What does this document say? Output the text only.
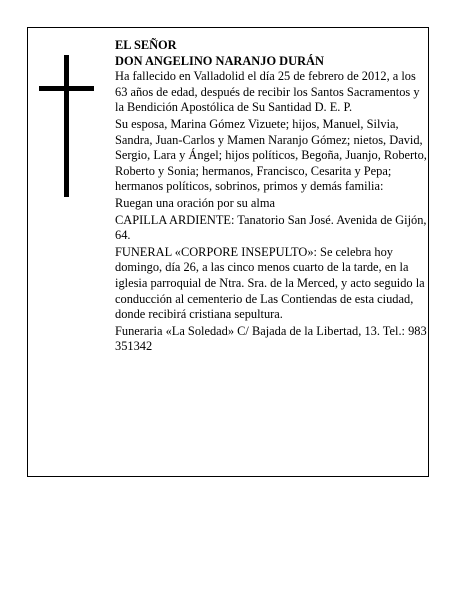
EL SEÑOR

DON ANGELINO NARANJO DURÁN

Ha fallecido en Valladolid el día 25 de febrero de 2012, a los 63 años de edad, después de recibir los Santos Sacramentos y la Bendición Apostólica de Su Santidad D. E. P.

Su esposa, Marina Gómez Vizuete; hijos, Manuel, Silvia, Sandra, Juan-Carlos y Mamen Naranjo Gómez; nietos, David, Sergio, Lara y Ángel; hijos políticos, Begoña, Juanjo, Roberto, Roberto y Sonia; hermanos, Francisco, Cesarita y Pepa; hermanos políticos, sobrinos, primos y demás familia:

Ruegan una oración por su alma

CAPILLA ARDIENTE: Tanatorio San José. Avenida de Gijón, 64.

FUNERAL «CORPORE INSEPULTO»: Se celebra hoy domingo, día 26, a las cinco menos cuarto de la tarde, en la iglesia parroquial de Ntra. Sra. de la Merced, y acto seguido la conducción al cementerio de Las Contiendas de esta ciudad, donde recibirá cristiana sepultura.

Funeraria «La Soledad» C/ Bajada de la Libertad, 13. Tel.: 983 351342
